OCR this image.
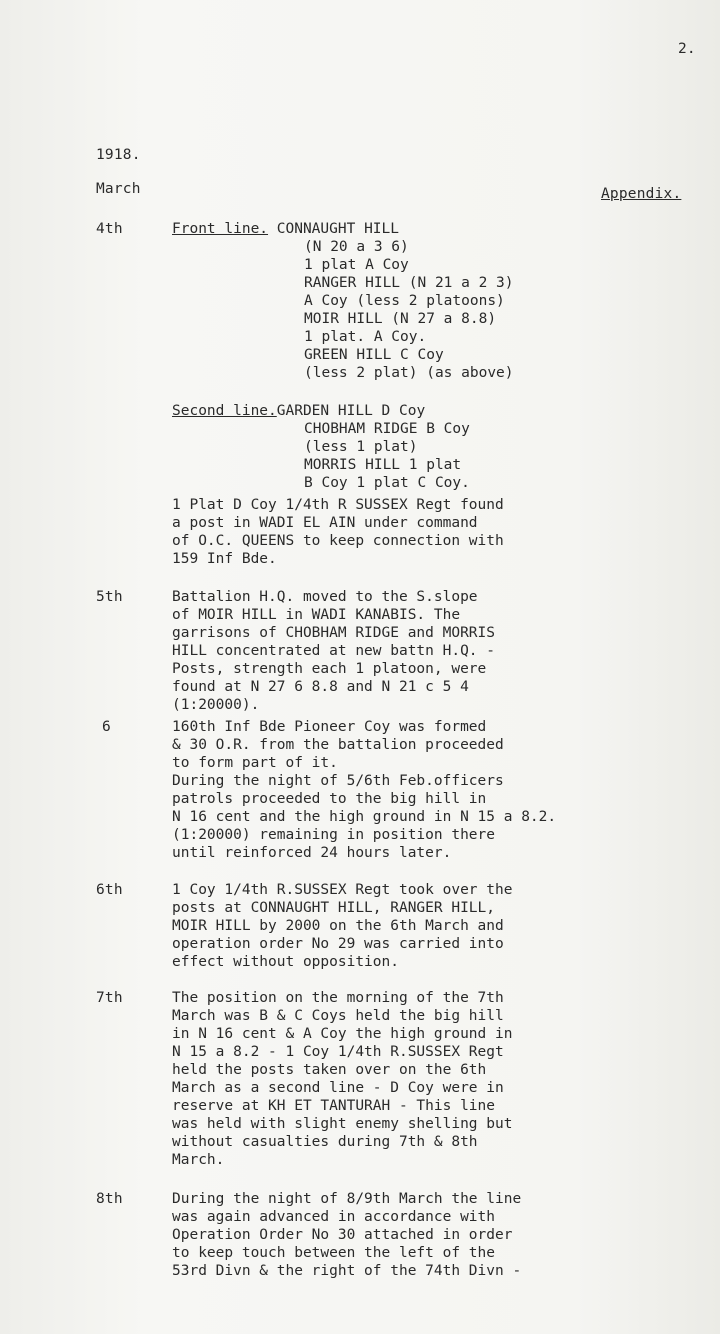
2.
1918.
March	Appendix.
4th	Front line. CONNAUGHT HILL
(N 20 a 3 6)
1 plat A Coy
RANGER HILL (N 21 a 2 3)
A Coy (less 2 platoons)
MOIR HILL (N 27 a 8.8)
1 plat. A Coy.
GREEN HILL C Coy
(less 2 plat) (as above)
Second line.GARDEN HILL D Coy
CHOBHAM RIDGE B Coy
(less 1 plat)
MORRIS HILL 1 plat
B Coy 1 plat C Coy.
1 Plat D Coy 1/4th R SUSSEX Regt found
a post in WADI EL AIN under command
of O.C. QUEENS to keep connection with
159 Inf Bde.
5th	Battalion H.Q. moved to the S.slope
of MOIR HILL in WADI KANABIS. The
garrisons of CHOBHAM RIDGE and MORRIS
HILL concentrated at new battn H.Q. -
Posts, strength each 1 platoon, were
found at N 27 6 8.8 and N 21 c 5 4
(1:20000).
6	160th Inf Bde Pioneer Coy was formed
& 30 O.R. from the battalion proceeded
to form part of it.
During the night of 5/6th Feb.officers
patrols proceeded to the big hill in
N 16 cent and the high ground in N 15 a 8.2.
(1:20000) remaining in position there
until reinforced 24 hours later.
6th	1 Coy 1/4th R.SUSSEX Regt took over the
posts at CONNAUGHT HILL, RANGER HILL,
MOIR HILL by 2000 on the 6th March and
operation order No 29 was carried into
effect without opposition.
7th	The position on the morning of the 7th
March was B & C Coys held the big hill
in N 16 cent & A Coy the high ground in
N 15 a 8.2 - 1 Coy 1/4th R.SUSSEX Regt
held the posts taken over on the 6th
March as a second line - D Coy were in
reserve at KH ET TANTURAH - This line
was held with slight enemy shelling but
without casualties during 7th & 8th
March.
8th	During the night of 8/9th March the line
was again advanced in accordance with
Operation Order No 30 attached in order
to keep touch between the left of the
53rd Divn & the right of the 74th Divn -
